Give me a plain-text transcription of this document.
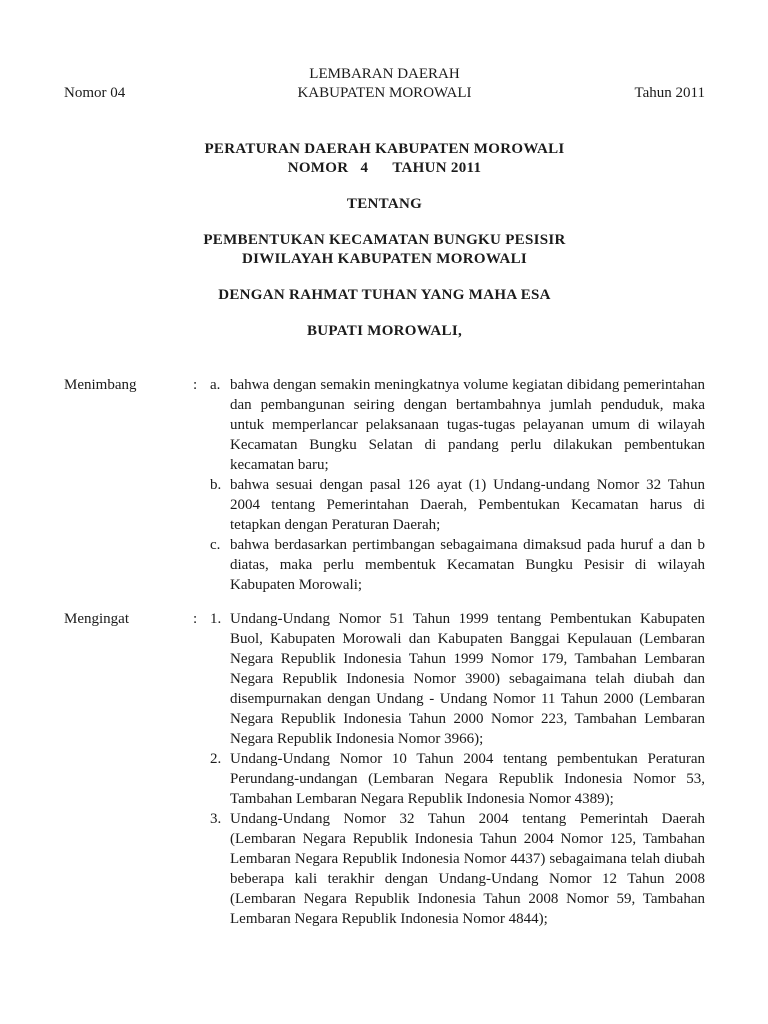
Nomor 04
LEMBARAN DAERAH
KABUPATEN MOROWALI	Tahun 2011
PERATURAN DAERAH KABUPATEN MOROWALI
NOMOR   4      TAHUN 2011
TENTANG
PEMBENTUKAN KECAMATAN BUNGKU PESISIR
DIWILAYAH KABUPATEN MOROWALI
DENGAN RAHMAT TUHAN YANG MAHA ESA
BUPATI MOROWALI,
Menimbang	: a. bahwa dengan semakin meningkatnya volume kegiatan dibidang pemerintahan dan pembangunan seiring dengan bertambahnya jumlah penduduk, maka untuk memperlancar pelaksanaan tugas-tugas pelayanan umum di wilayah Kecamatan Bungku Selatan di pandang perlu dilakukan pembentukan kecamatan baru;
b. bahwa sesuai dengan pasal 126 ayat (1) Undang-undang Nomor 32 Tahun 2004 tentang Pemerintahan Daerah, Pembentukan Kecamatan harus di tetapkan dengan Peraturan Daerah;
c. bahwa berdasarkan pertimbangan sebagaimana dimaksud pada huruf a dan b diatas, maka perlu membentuk Kecamatan Bungku Pesisir di wilayah Kabupaten Morowali;
Mengingat	: 1. Undang-Undang Nomor 51 Tahun 1999 tentang Pembentukan Kabupaten Buol, Kabupaten Morowali dan Kabupaten Banggai Kepulauan (Lembaran Negara Republik Indonesia Tahun 1999 Nomor 179, Tambahan Lembaran Negara Republik Indonesia Nomor 3900) sebagaimana telah diubah dan disempurnakan dengan Undang - Undang Nomor 11 Tahun 2000 (Lembaran Negara Republik Indonesia Tahun 2000 Nomor 223, Tambahan Lembaran Negara Republik Indonesia Nomor 3966);
2. Undang-Undang Nomor 10 Tahun 2004 tentang pembentukan Peraturan Perundang-undangan (Lembaran Negara Republik Indonesia Nomor 53, Tambahan Lembaran Negara Republik Indonesia Nomor 4389);
3. Undang-Undang Nomor 32 Tahun 2004 tentang Pemerintah Daerah (Lembaran Negara Republik Indonesia Tahun 2004 Nomor 125, Tambahan Lembaran Negara Republik Indonesia Nomor 4437) sebagaimana telah diubah beberapa kali terakhir dengan Undang-Undang Nomor 12 Tahun 2008 (Lembaran Negara Republik Indonesia Tahun 2008 Nomor 59, Tambahan Lembaran Negara Republik Indonesia Nomor 4844);
